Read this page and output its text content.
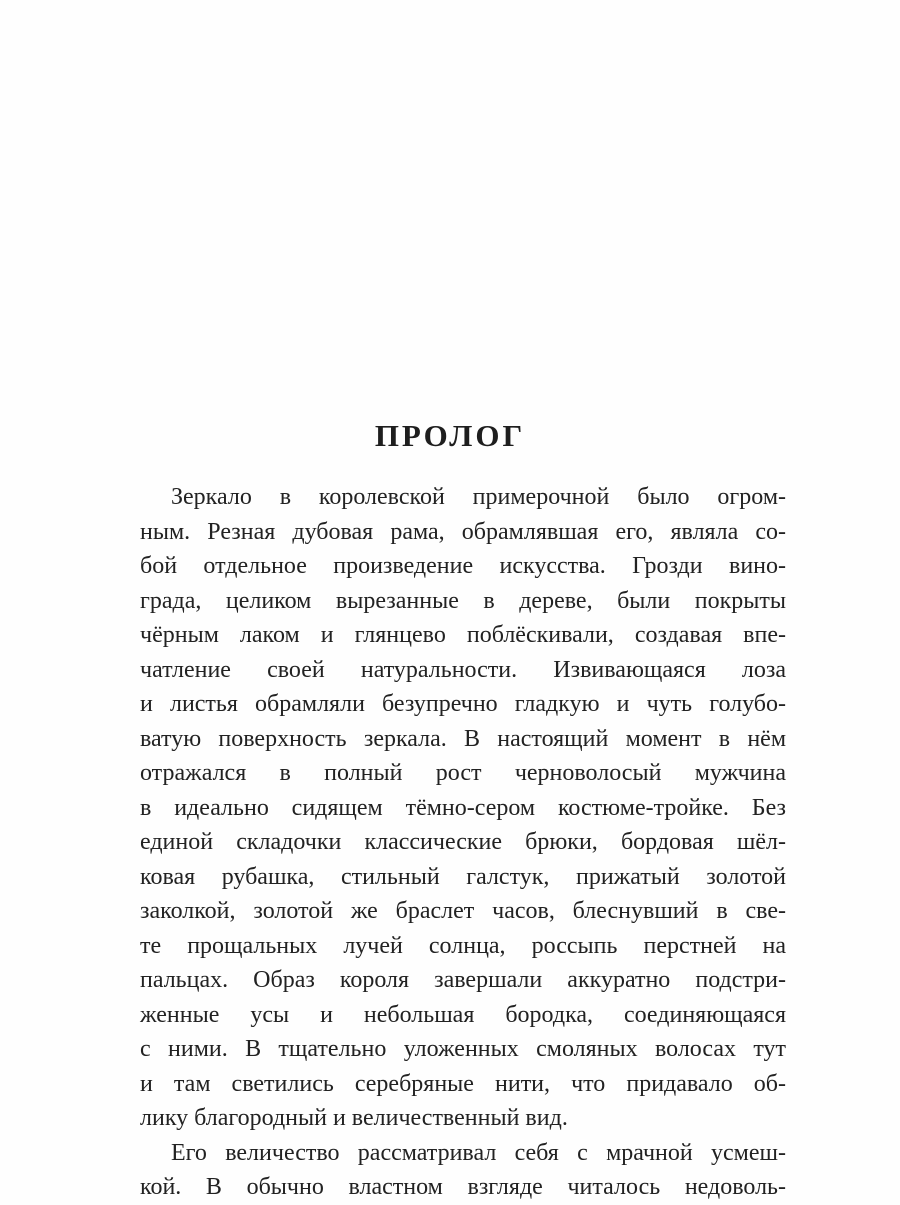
ПРОЛОГ
Зеркало в королевской примерочной было огром-
ным. Резная дубовая рама, обрамлявшая его, являла со-
бой отдельное произведение искусства. Грозди вино-
града, целиком вырезанные в дереве, были покрыты
чёрным лаком и глянцево поблёскивали, создавая впе-
чатление своей натуральности. Извивающаяся лоза
и листья обрамляли безупречно гладкую и чуть голубо-
ватую поверхность зеркала. В настоящий момент в нём
отражался в полный рост черноволосый мужчина
в идеально сидящем тёмно-сером костюме-тройке. Без
единой складочки классические брюки, бордовая шёл-
ковая рубашка, стильный галстук, прижатый золотой
заколкой, золотой же браслет часов, блеснувший в све-
те прощальных лучей солнца, россыпь перстней на
пальцах. Образ короля завершали аккуратно подстри-
женные усы и небольшая бородка, соединяющаяся
с ними. В тщательно уложенных смоляных волосах тут
и там светились серебряные нити, что придавало об-
лику благородный и величественный вид.
Его величество рассматривал себя с мрачной усмеш-
кой. В обычно властном взгляде читалось недоволь-
